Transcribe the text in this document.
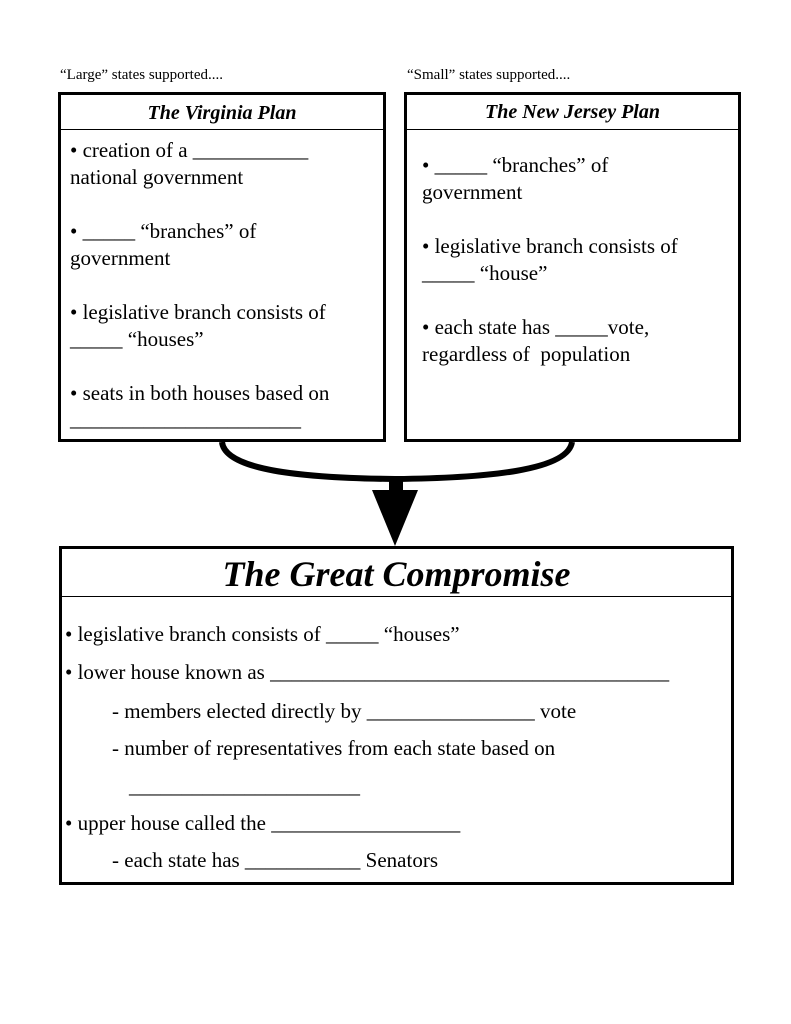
“Large” states supported....	“Small” states supported....
The Virginia Plan
• creation of a ___________
national government
• _____ “branches” of
government
• legislative branch consists of
_____ “houses”
• seats in both houses based on
______________________
The New Jersey Plan
• _____ “branches” of
government
• legislative branch consists of
_____ “house”
• each state has _____vote,
regardless of  population
The Great Compromise
• legislative branch consists of _____ “houses”
• lower house known as ______________________________________
- members elected directly by ________________ vote
- number of representatives from each state based on
______________________
• upper house called the __________________
- each state has ___________ Senators
